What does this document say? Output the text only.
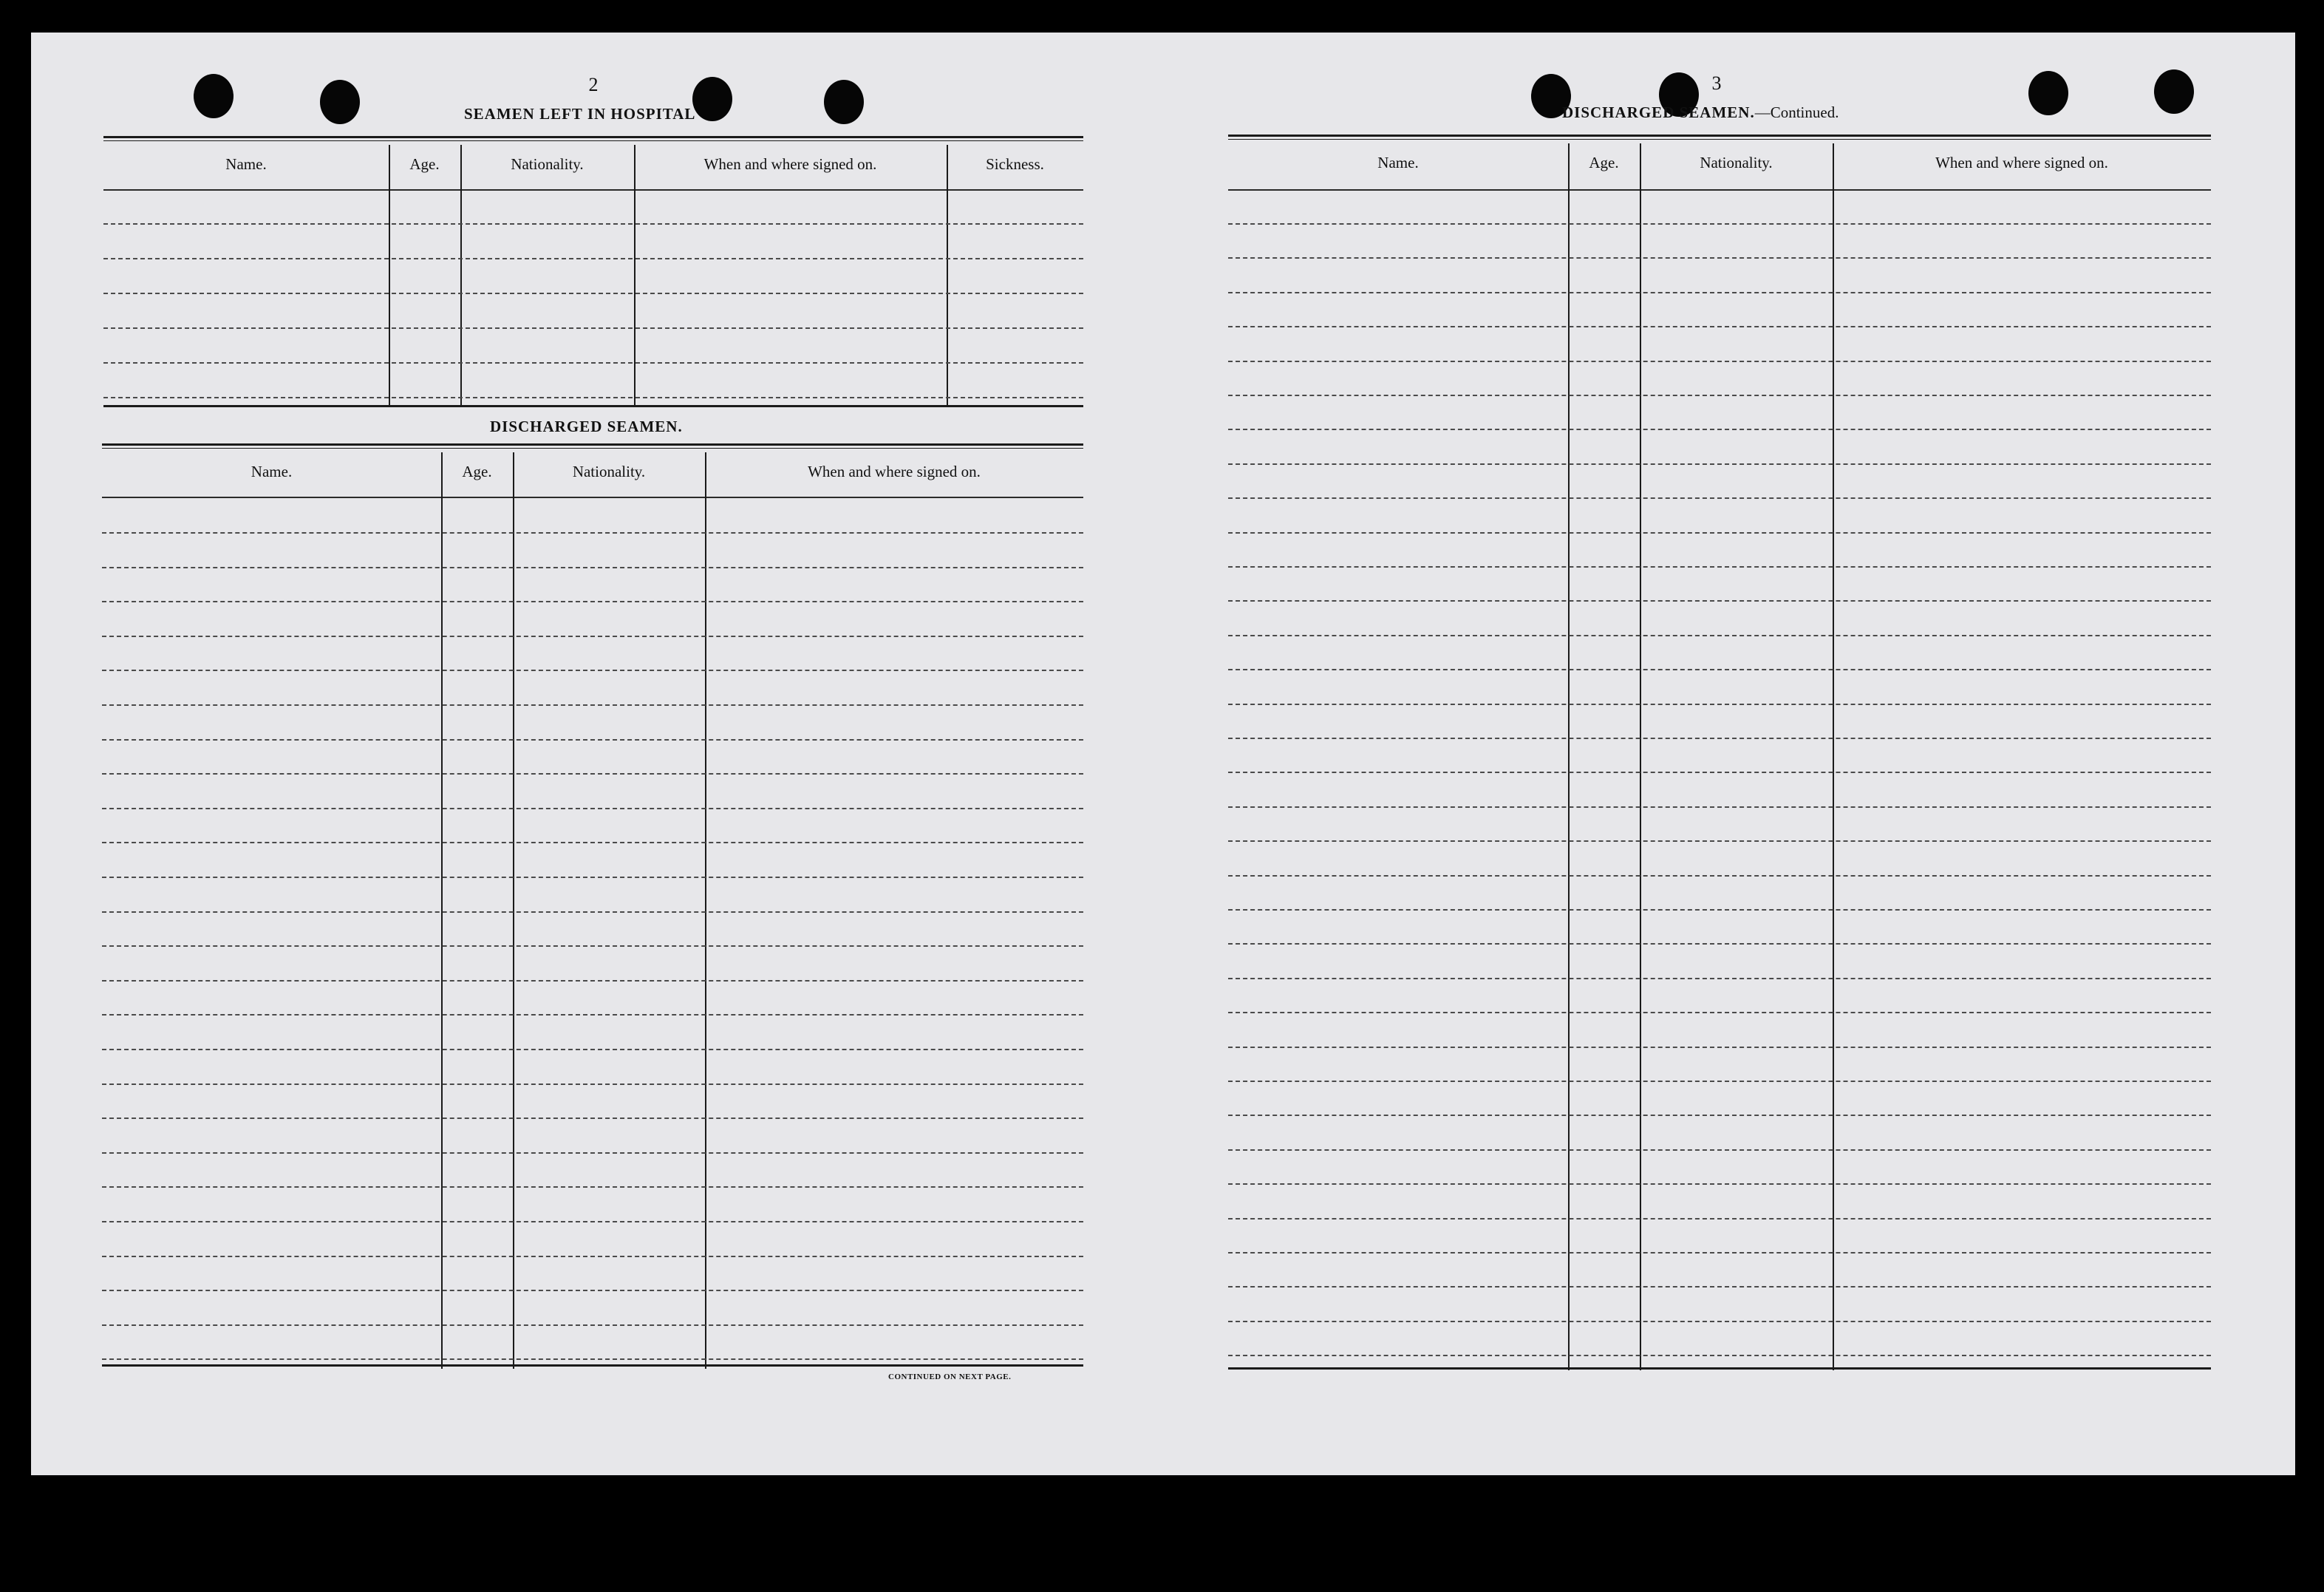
2
SEAMEN LEFT IN HOSPITAL
Name.	Age.	Nationality.	When and where signed on.	Sickness.
DISCHARGED SEAMEN.
Name.	Age.	Nationality.	When and where signed on.
CONTINUED ON NEXT PAGE.
3
DISCHARGED SEAMEN.—Continued.
Name.	Age.	Nationality.	When and where signed on.
